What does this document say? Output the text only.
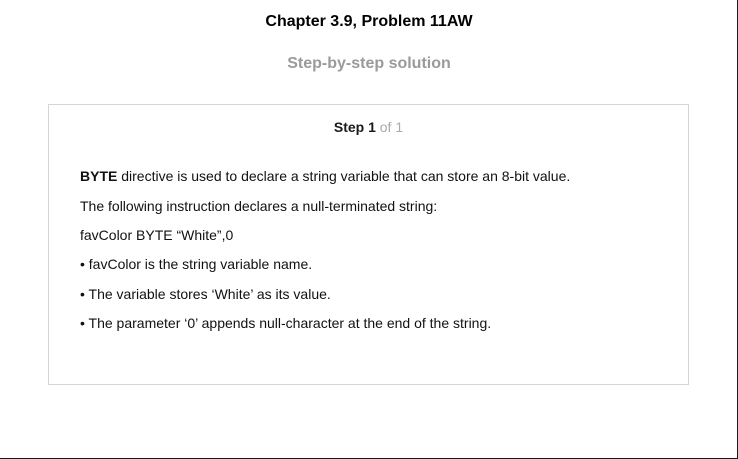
Chapter 3.9, Problem 11AW
Step-by-step solution
Step 1 of 1
BYTE directive is used to declare a string variable that can store an 8-bit value.
The following instruction declares a null-terminated string:
favColor BYTE “White”,0
• favColor is the string variable name.
• The variable stores ‘White’ as its value.
• The parameter ‘0’ appends null-character at the end of the string.
